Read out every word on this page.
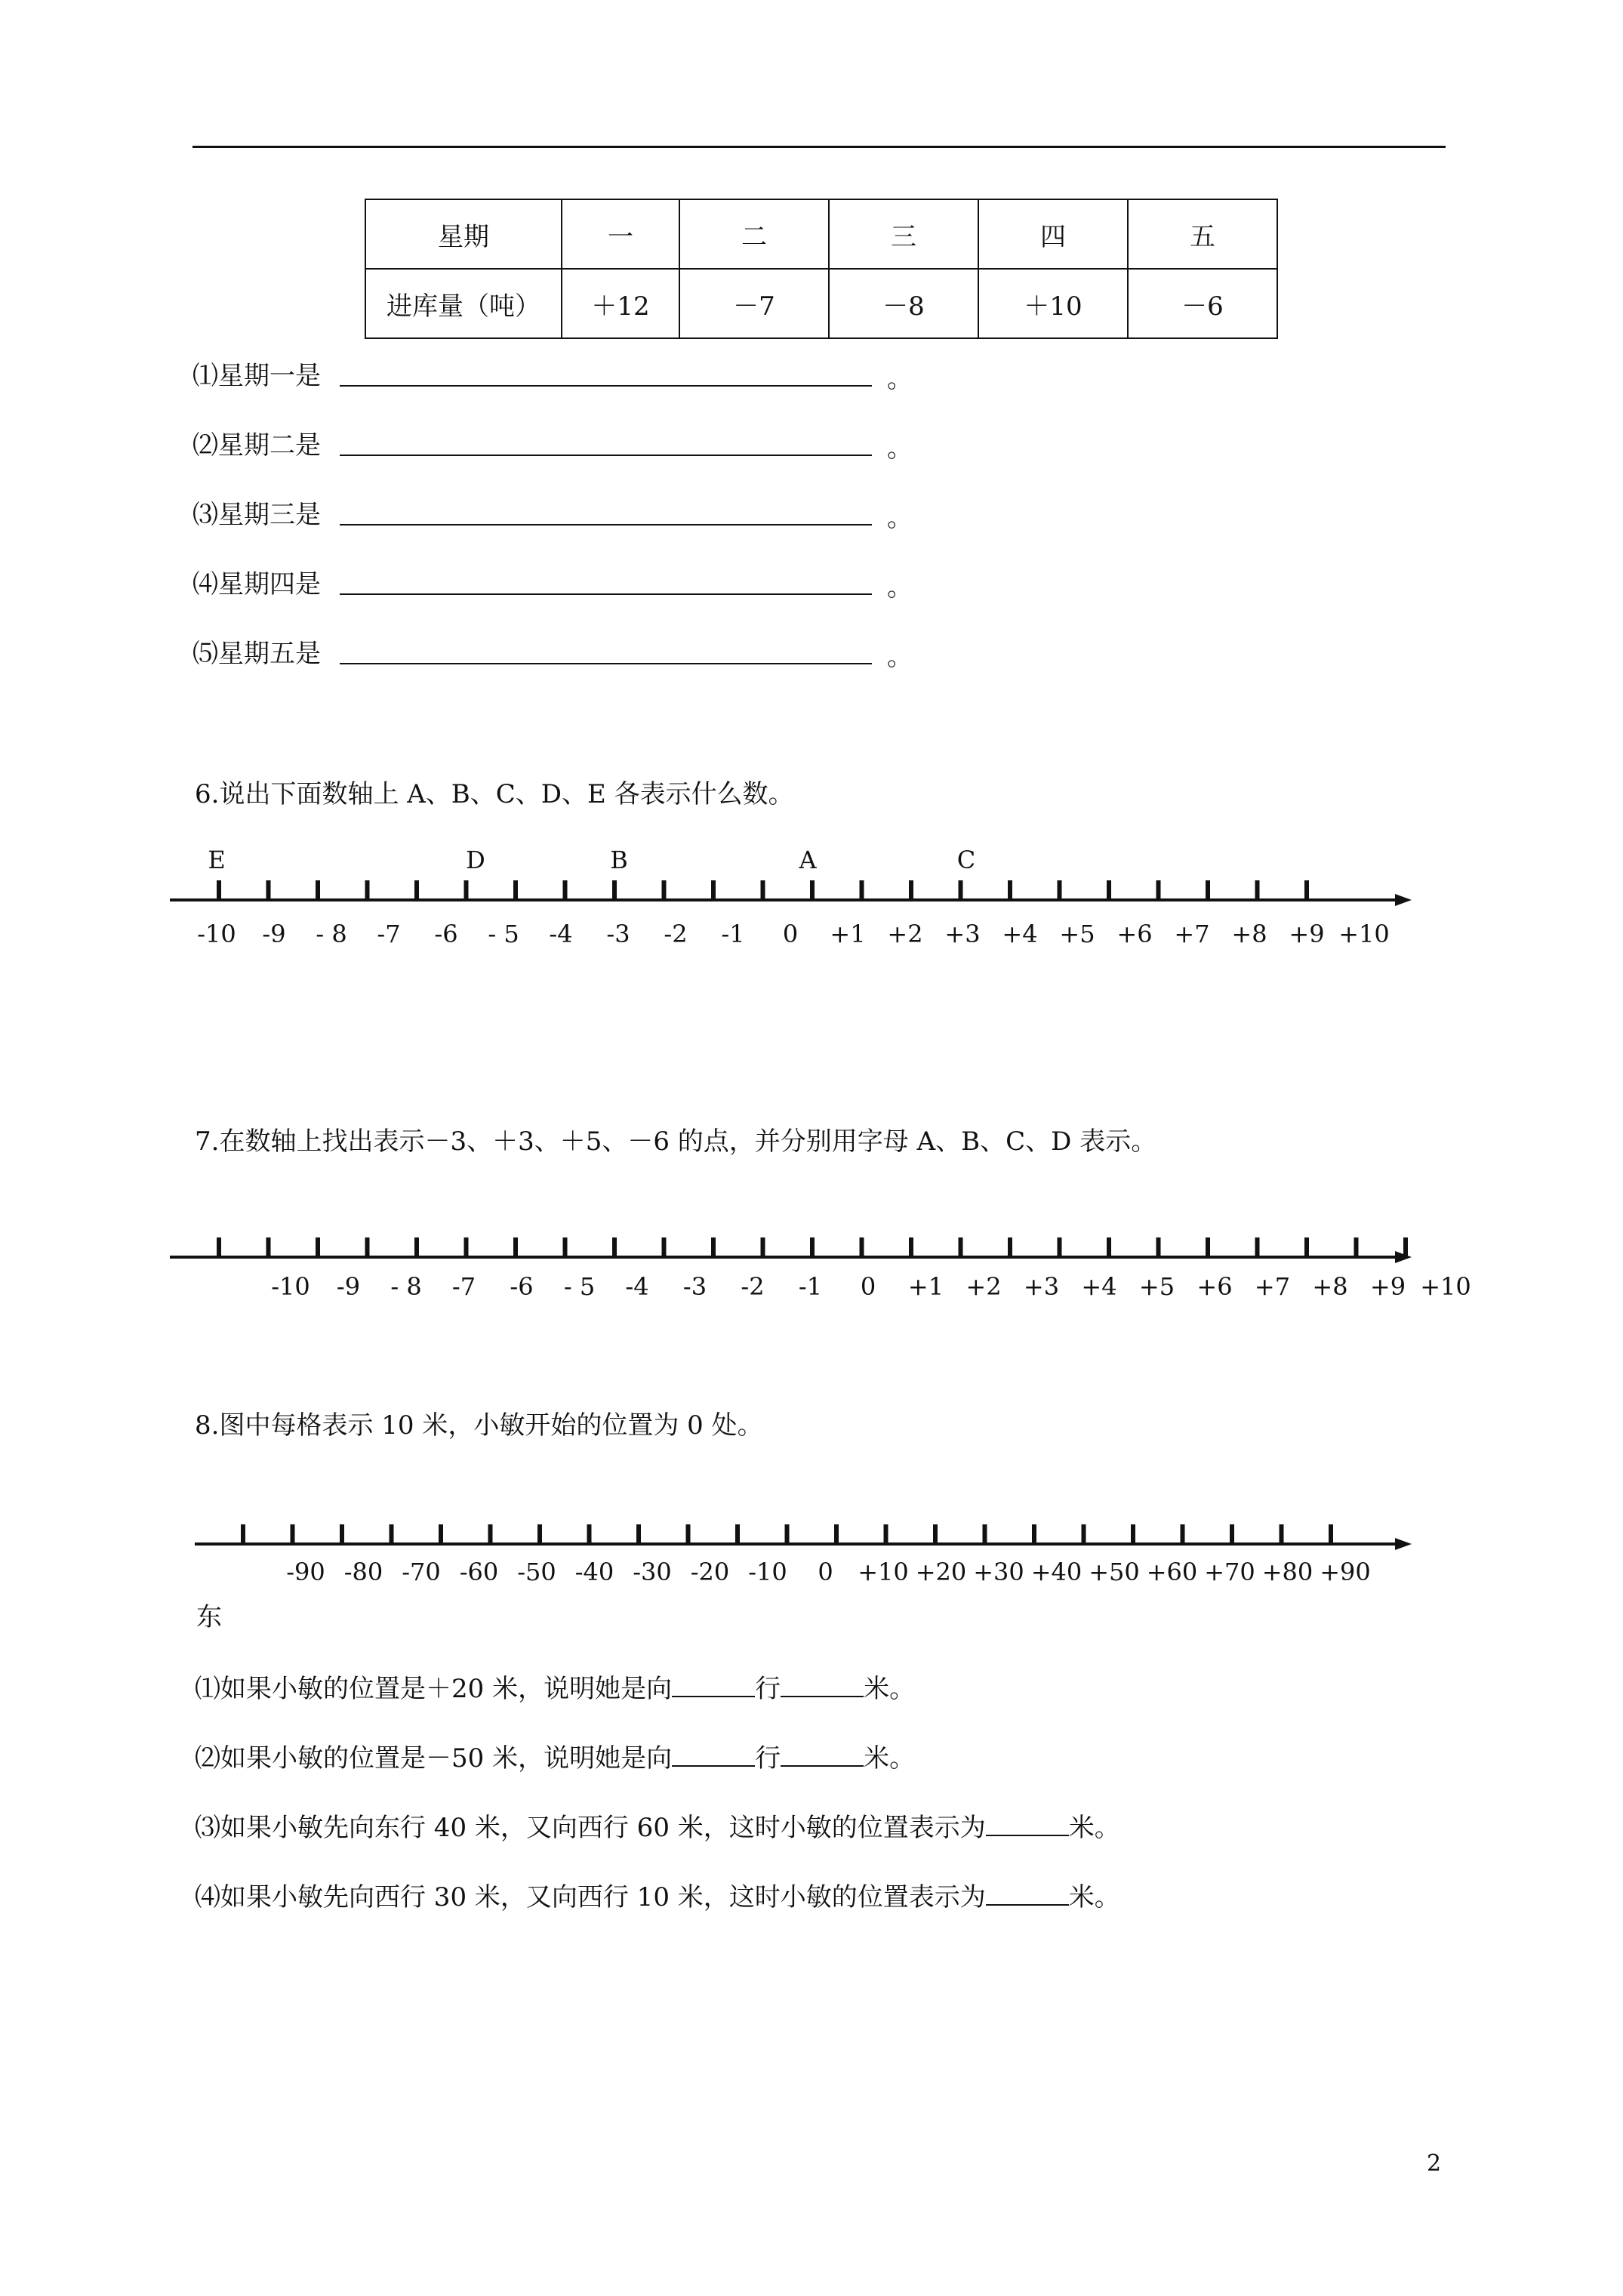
星期	一	二	三	四	五
进库量（吨）	＋12	－7	－8	＋10	－6
⑴星期一是	。
⑵星期二是	。
⑶星期三是	。
⑷星期四是	。
⑸星期五是	。
6.说出下面数轴上 A、B、C、D、E 各表示什么数。
-10 -9 - 8 -7 -6 - 5 -4 -3 -2 -1 0 +1 +2 +3 +4 +5 +6 +7 +8 +9 +10
E	D	B	A	C
7.在数轴上找出表示－3、＋3、＋5、－6 的点，并分别用字母 A、B、C、D 表示。
-10 -9 - 8 -7 -6 - 5 -4 -3 -2 -1 0 +1 +2 +3 +4 +5 +6 +7 +8 +9 +10
8.图中每格表示 10 米，小敏开始的位置为 0 处。
-90 -80 -70 -60 -50 -40 -30 -20 -10 0 +10 +20 +30 +40 +50 +60 +70 +80 +90
东
⑴如果小敏的位置是＋20 米，说明她是向	行	米。
⑵如果小敏的位置是－50 米，说明她是向	行	米。
⑶如果小敏先向东行 40 米，又向西行 60 米，这时小敏的位置表示为	米。
⑷如果小敏先向西行 30 米，又向西行 10 米，这时小敏的位置表示为	米。
2
